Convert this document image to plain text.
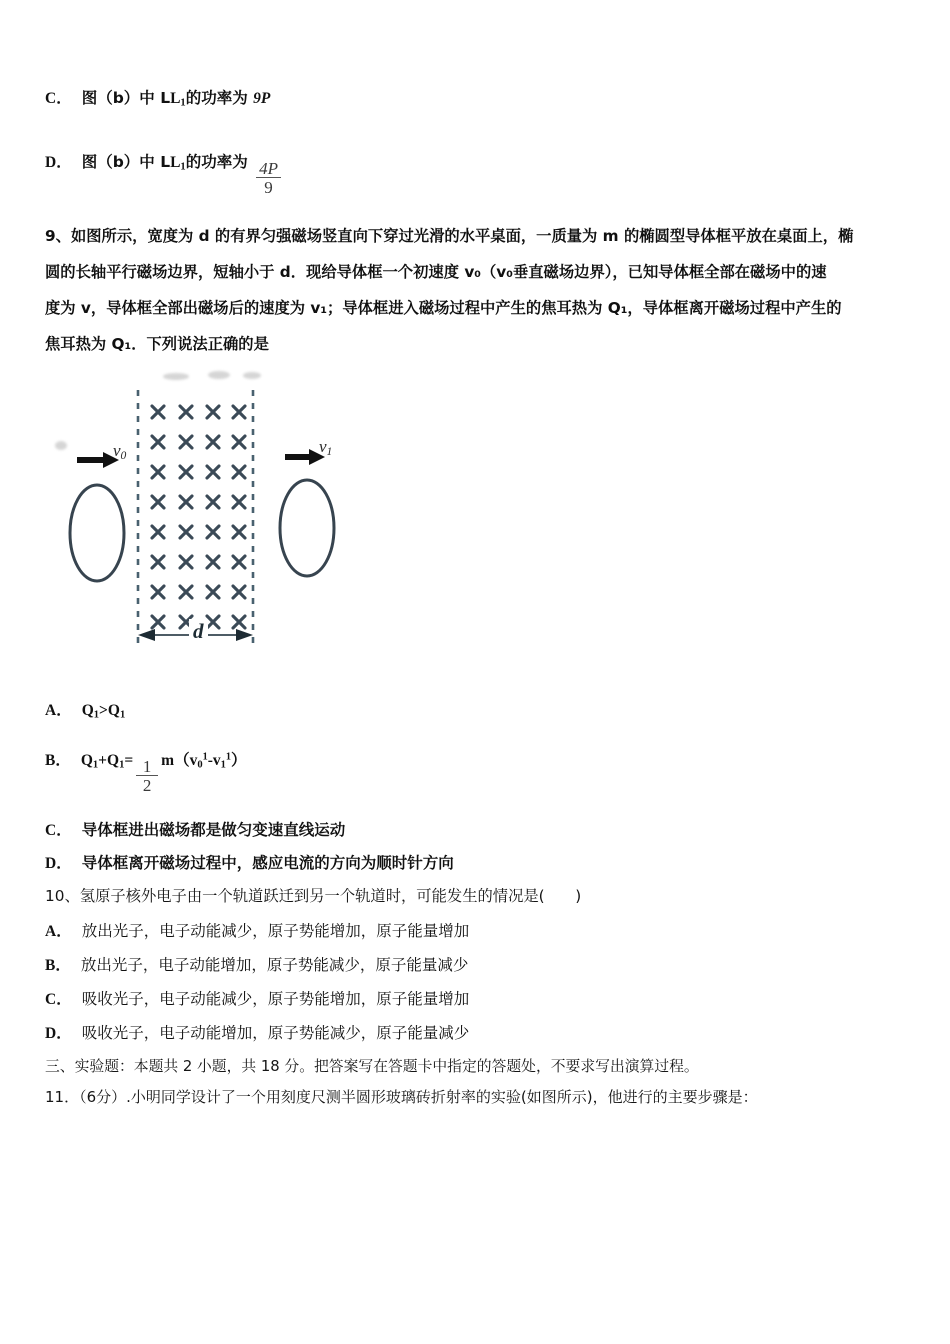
C． 图（b）中 $LL_1$的功率为 9P
D． 图（b）中 $LL_1$的功率为 $\frac{4P}{9}$
9、如图所示，宽度为 d 的有界匀强磁场竖直向下穿过光滑的水平桌面，一质量为 m 的椭圆型导体框平放在桌面上，椭
圆的长轴平行磁场边界，短轴小于 d．现给导体框一个初速度 v₀（v₀垂直磁场边界），已知导体框全部在磁场中的速
度为 v，导体框全部出磁场后的速度为 v₁；导体框进入磁场过程中产生的焦耳热为 Q₁，导体框离开磁场过程中产生的
焦耳热为 Q₁．下列说法正确的是
$v_0$	$v_1$
d
A． $Q_1>Q_1$
B． $Q_1+Q_1= \frac{1}{2} m(v_0^1-v_1^1)$
C． 导体框进出磁场都是做匀变速直线运动
D． 导体框离开磁场过程中，感应电流的方向为顺时针方向
10、氢原子核外电子由一个轨道跃迁到另一个轨道时，可能发生的情况是(　　)
A． 放出光子，电子动能减少，原子势能增加，原子能量增加
B． 放出光子，电子动能增加，原子势能减少，原子能量减少
C． 吸收光子，电子动能减少，原子势能增加，原子能量增加
D． 吸收光子，电子动能增加，原子势能减少，原子能量减少
三、实验题：本题共 2 小题，共 18 分。把答案写在答题卡中指定的答题处，不要求写出演算过程。
11．（6分）.小明同学设计了一个用刻度尺测半圆形玻璃砖折射率的实验(如图所示)，他进行的主要步骤是：
